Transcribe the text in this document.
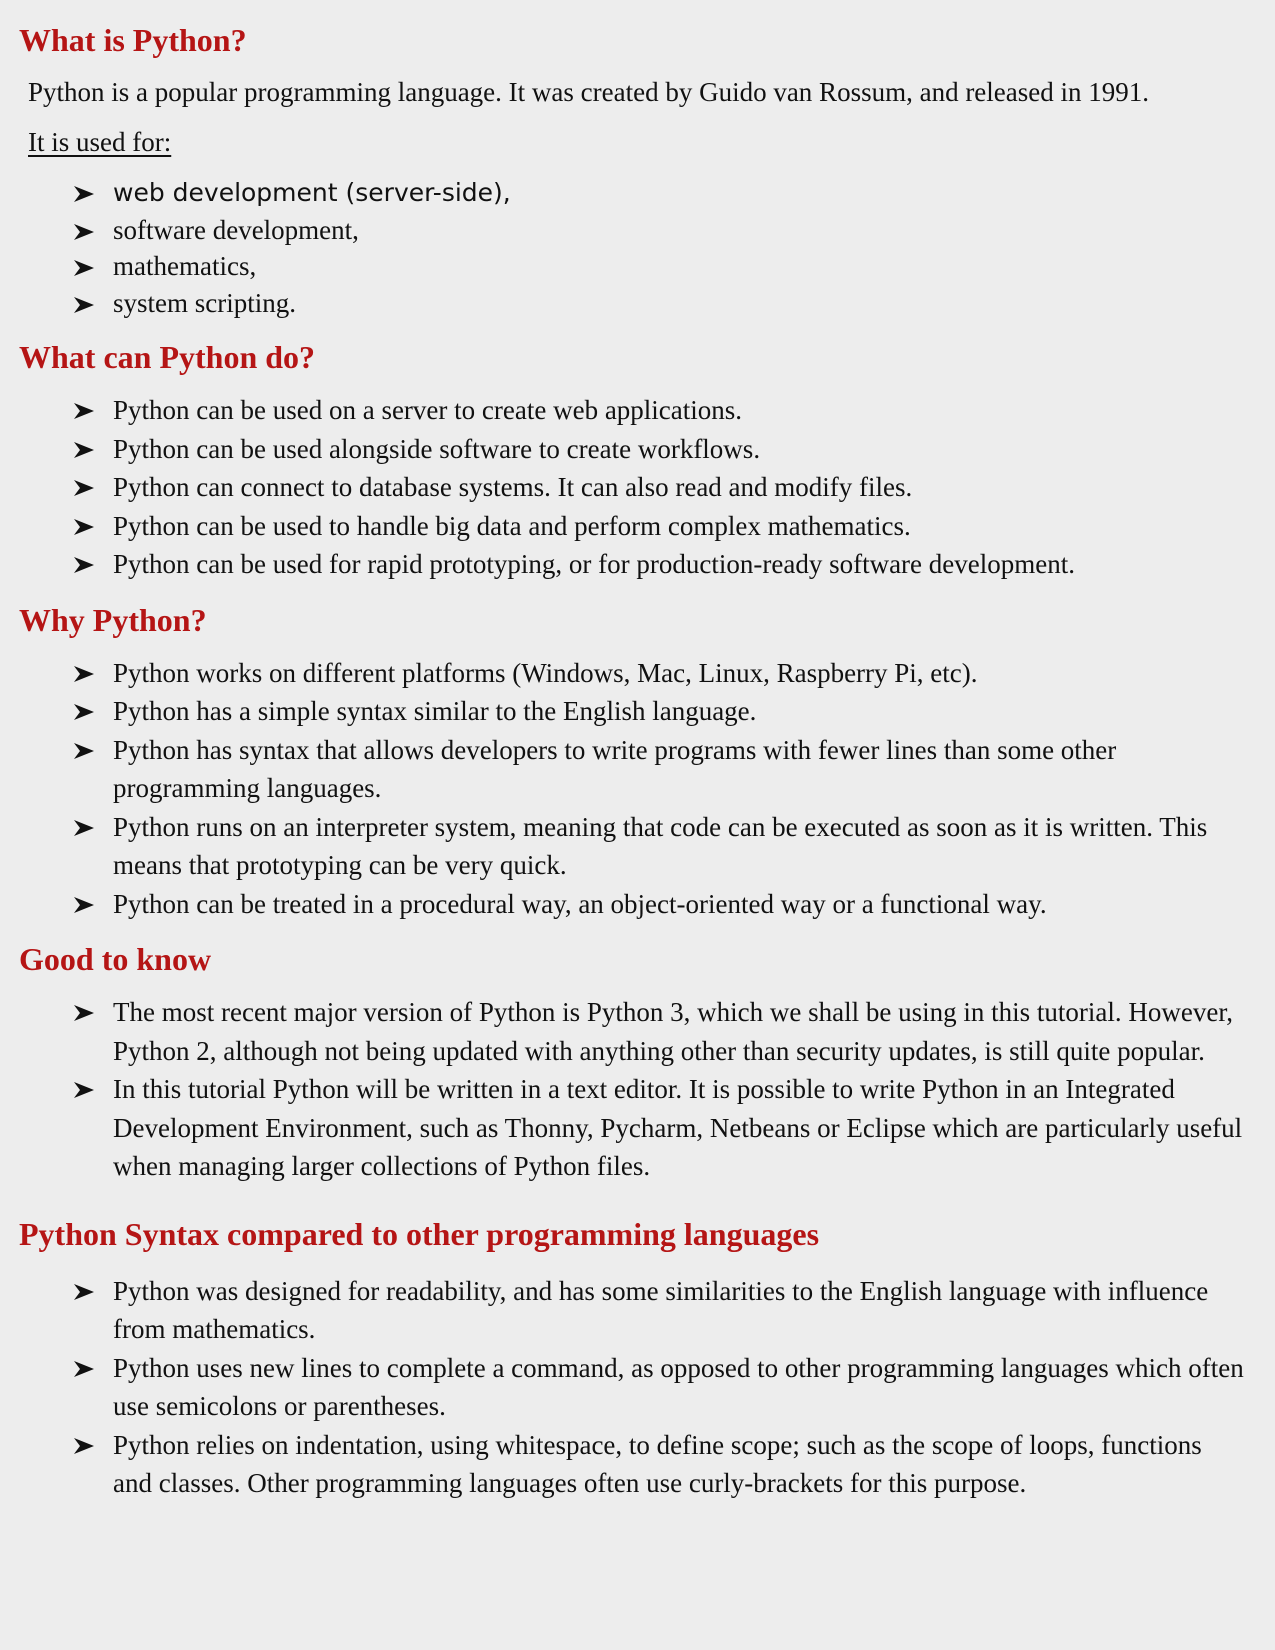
What is Python?

Python is a popular programming language. It was created by Guido van Rossum, and released in 1991.

It is used for:

web development (server-side),
software development,
mathematics,
system scripting.
What can Python do?
Python can be used on a server to create web applications.
Python can be used alongside software to create workflows.
Python can connect to database systems. It can also read and modify files.
Python can be used to handle big data and perform complex mathematics.
Python can be used for rapid prototyping, or for production-ready software development.
Why Python?
Python works on different platforms (Windows, Mac, Linux, Raspberry Pi, etc).
Python has a simple syntax similar to the English language.
Python has syntax that allows developers to write programs with fewer lines than some other programming languages.
Python runs on an interpreter system, meaning that code can be executed as soon as it is written. This means that prototyping can be very quick.
Python can be treated in a procedural way, an object-oriented way or a functional way.
Good to know
The most recent major version of Python is Python 3, which we shall be using in this tutorial. However, Python 2, although not being updated with anything other than security updates, is still quite popular.
In this tutorial Python will be written in a text editor. It is possible to write Python in an Integrated Development Environment, such as Thonny, Pycharm, Netbeans or Eclipse which are particularly useful when managing larger collections of Python files.
Python Syntax compared to other programming languages
Python was designed for readability, and has some similarities to the English language with influence from mathematics.
Python uses new lines to complete a command, as opposed to other programming languages which often use semicolons or parentheses.
Python relies on indentation, using whitespace, to define scope; such as the scope of loops, functions and classes. Other programming languages often use curly-brackets for this purpose.
